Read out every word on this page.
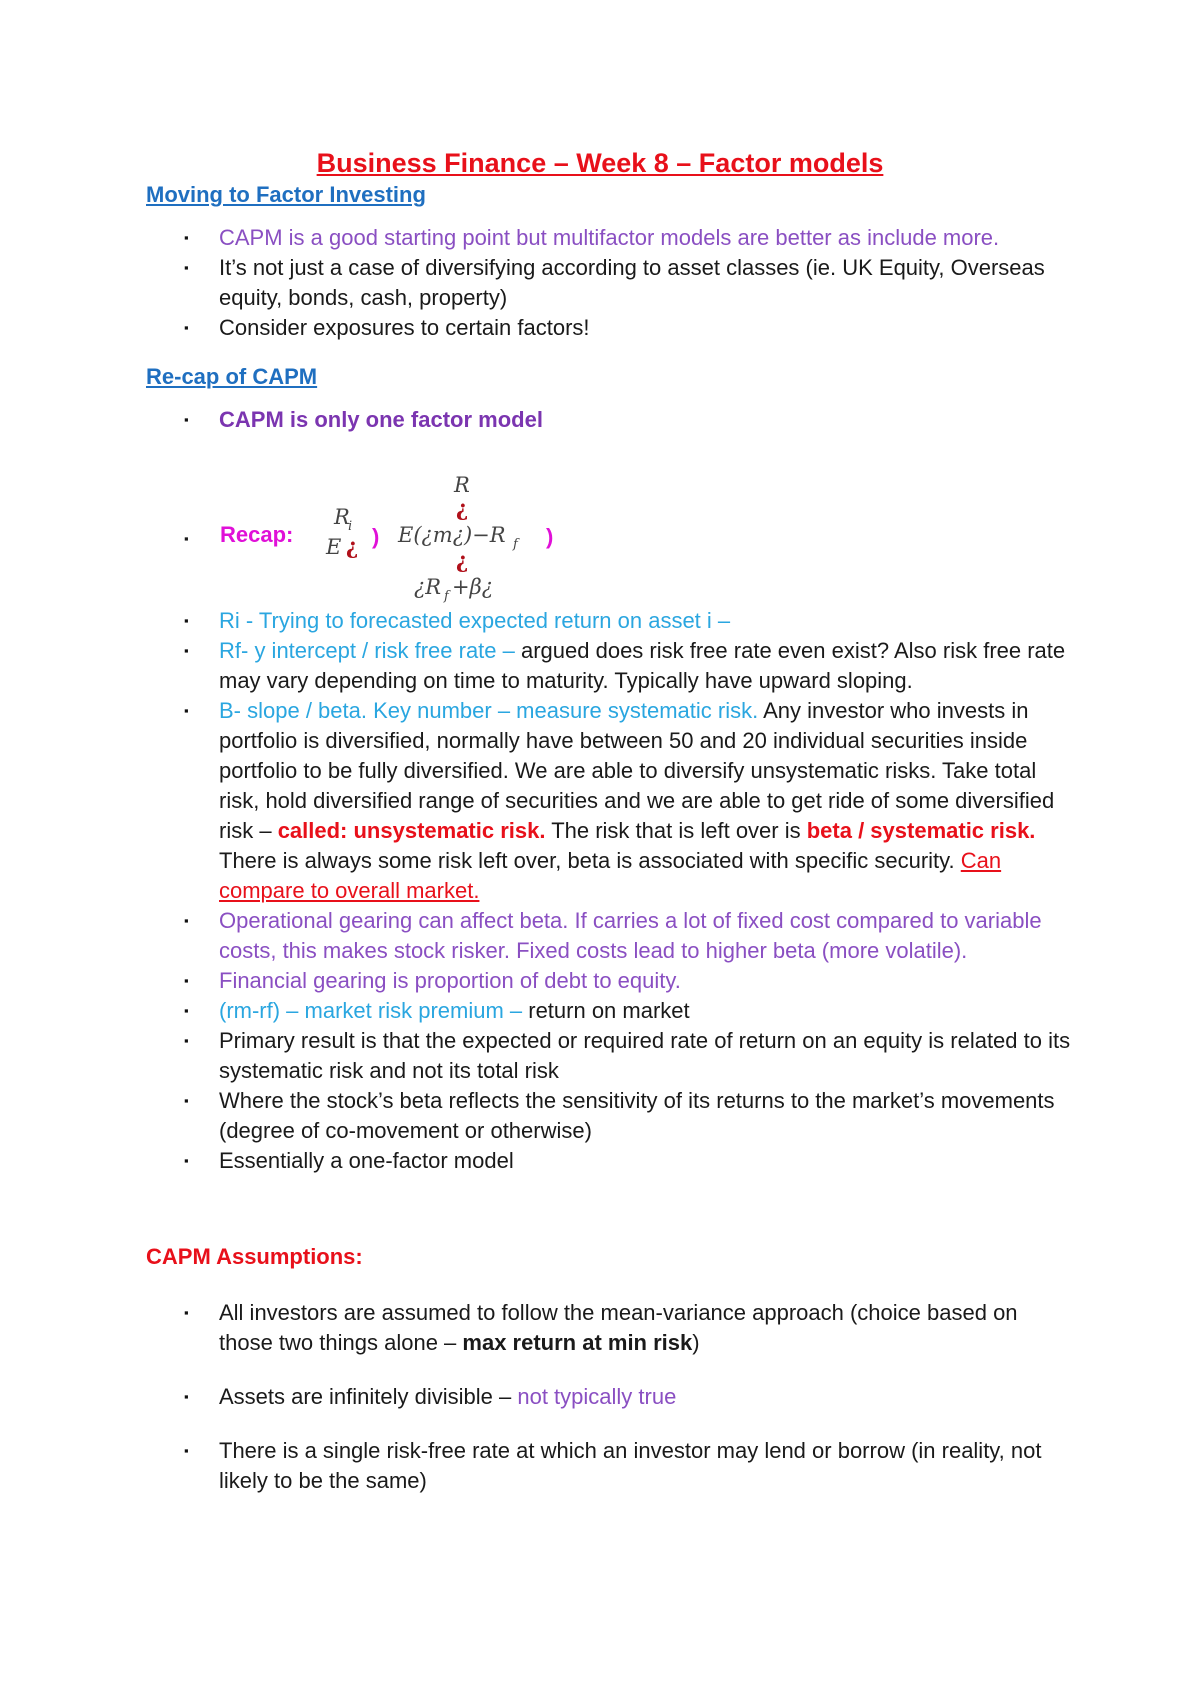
Business Finance – Week 8 – Factor models
Moving to Factor Investing
▪ CAPM is a good starting point but multifactor models are better as include more.
▪ It’s not just a case of diversifying according to asset classes (ie. UK Equity, Overseas equity, bonds, cash, property)
▪ Consider exposures to certain factors!
Re-cap of CAPM
▪ CAPM is only one factor model
▪ Recap:
R
i
E ¿ )
R
¿
E(¿m¿)−R f )
¿
¿R f +β¿
▪ Ri - Trying to forecasted expected return on asset i –
▪ Rf- y intercept / risk free rate – argued does risk free rate even exist? Also risk free rate may vary depending on time to maturity. Typically have upward sloping.
▪ B- slope / beta. Key number – measure systematic risk. Any investor who invests in portfolio is diversified, normally have between 50 and 20 individual securities inside portfolio to be fully diversified. We are able to diversify unsystematic risks. Take total risk, hold diversified range of securities and we are able to get ride of some diversified risk – called: unsystematic risk. The risk that is left over is beta / systematic risk. There is always some risk left over, beta is associated with specific security. Can compare to overall market.
▪ Operational gearing can affect beta. If carries a lot of fixed cost compared to variable costs, this makes stock risker. Fixed costs lead to higher beta (more volatile).
▪ Financial gearing is proportion of debt to equity.
▪ (rm-rf) – market risk premium – return on market
▪ Primary result is that the expected or required rate of return on an equity is related to its systematic risk and not its total risk
▪ Where the stock’s beta reflects the sensitivity of its returns to the market’s movements (degree of co-movement or otherwise)
▪ Essentially a one-factor model
CAPM Assumptions:
▪ All investors are assumed to follow the mean-variance approach (choice based on those two things alone – max return at min risk)
▪ Assets are infinitely divisible – not typically true
▪ There is a single risk-free rate at which an investor may lend or borrow (in reality, not likely to be the same)
